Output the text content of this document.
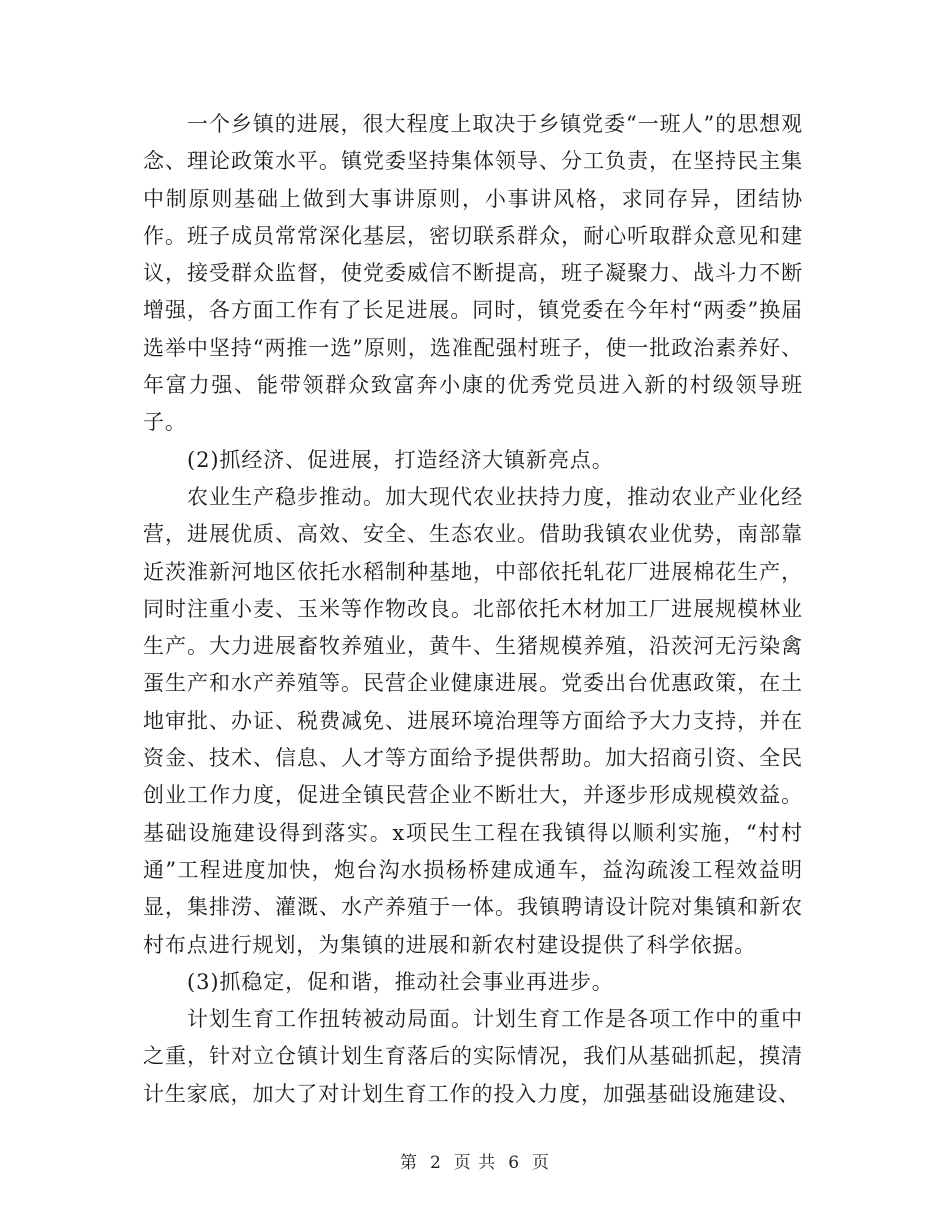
一个乡镇的进展，很大程度上取决于乡镇党委“一班人”的思想观念、理论政策水平。镇党委坚持集体领导、分工负责，在坚持民主集中制原则基础上做到大事讲原则，小事讲风格，求同存异，团结协作。班子成员常常深化基层，密切联系群众，耐心听取群众意见和建议，接受群众监督，使党委威信不断提高，班子凝聚力、战斗力不断增强，各方面工作有了长足进展。同时，镇党委在今年村“两委”换届选举中坚持“两推一选”原则，选准配强村班子，使一批政治素养好、年富力强、能带领群众致富奔小康的优秀党员进入新的村级领导班子。

(2)抓经济、促进展，打造经济大镇新亮点。

农业生产稳步推动。加大现代农业扶持力度，推动农业产业化经营，进展优质、高效、安全、生态农业。借助我镇农业优势，南部靠近茨淮新河地区依托水稻制种基地，中部依托轧花厂进展棉花生产，同时注重小麦、玉米等作物改良。北部依托木材加工厂进展规模林业生产。大力进展畜牧养殖业，黄牛、生猪规模养殖，沿茨河无污染禽蛋生产和水产养殖等。民营企业健康进展。党委出台优惠政策，在土地审批、办证、税费减免、进展环境治理等方面给予大力支持，并在资金、技术、信息、人才等方面给予提供帮助。加大招商引资、全民创业工作力度，促进全镇民营企业不断壮大，并逐步形成规模效益。基础设施建设得到落实。x项民生工程在我镇得以顺利实施，“村村通”工程进度加快，炮台沟水损杨桥建成通车，益沟疏浚工程效益明显，集排涝、灌溉、水产养殖于一体。我镇聘请设计院对集镇和新农村布点进行规划，为集镇的进展和新农村建设提供了科学依据。

(3)抓稳定，促和谐，推动社会事业再进步。

计划生育工作扭转被动局面。计划生育工作是各项工作中的重中之重，针对立仓镇计划生育落后的实际情况，我们从基础抓起，摸清计生家底，加大了对计划生育工作的投入力度，加强基础设施建设、

第 2 页 共 6 页
